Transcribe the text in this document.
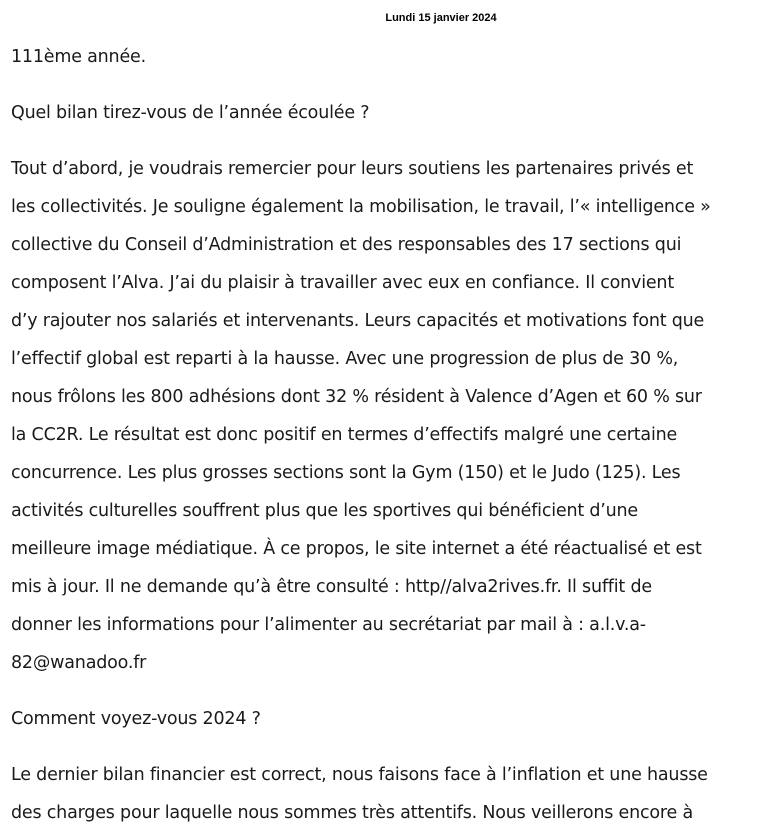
Lundi 15 janvier 2024

111ème année.

Quel bilan tirez-vous de l’année écoulée ?

Tout d’abord, je voudrais remercier pour leurs soutiens les partenaires privés et
les collectivités. Je souligne également la mobilisation, le travail, l’« intelligence »
collective du Conseil d’Administration et des responsables des 17 sections qui
composent l’Alva. J’ai du plaisir à travailler avec eux en confiance. Il convient
d’y rajouter nos salariés et intervenants. Leurs capacités et motivations font que
l’effectif global est reparti à la hausse. Avec une progression de plus de 30 %,
nous frôlons les 800 adhésions dont 32 % résident à Valence d’Agen et 60 % sur
la CC2R. Le résultat est donc positif en termes d’effectifs malgré une certaine
concurrence. Les plus grosses sections sont la Gym (150) et le Judo (125). Les
activités culturelles souffrent plus que les sportives qui bénéficient d’une
meilleure image médiatique. À ce propos, le site internet a été réactualisé et est
mis à jour. Il ne demande qu’à être consulté : http//alva2rives.fr. Il suffit de
donner les informations pour l’alimenter au secrétariat par mail à : a.l.v.a-
82@wanadoo.fr

Comment voyez-vous 2024 ?

Le dernier bilan financier est correct, nous faisons face à l’inflation et une hausse
des charges pour laquelle nous sommes très attentifs. Nous veillerons encore à
